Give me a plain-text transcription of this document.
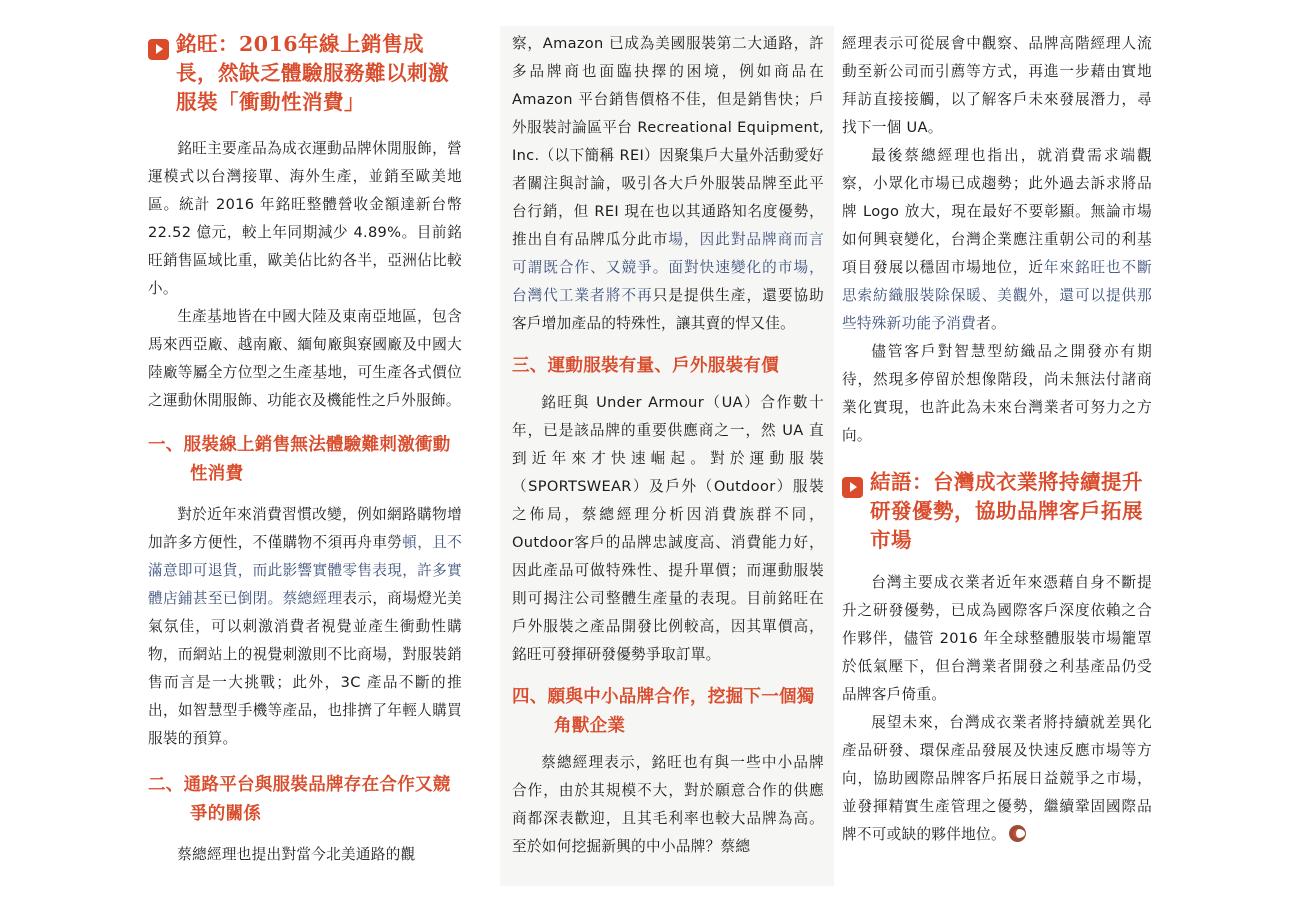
銘旺：2016年線上銷售成長，然缺乏體驗服務難以刺激服裝「衝動性消費」

銘旺主要產品為成衣運動品牌休閒服飾，營運模式以台灣接單、海外生產，並銷至歐美地區。統計 2016 年銘旺整體營收金額達新台幣 22.52 億元，較上年同期減少 4.89%。目前銘旺銷售區域比重，歐美佔比約各半，亞洲佔比較小。

生產基地皆在中國大陸及東南亞地區，包含馬來西亞廠、越南廠、緬甸廠與寮國廠及中國大陸廠等屬全方位型之生產基地，可生產各式價位之運動休閒服飾、功能衣及機能性之戶外服飾。

一、服裝線上銷售無法體驗難刺激衝動性消費

對於近年來消費習慣改變，例如網路購物增加許多方便性，不僅購物不須再舟車勞頓，且不滿意即可退貨，而此影響實體零售表現，許多實體店鋪甚至已倒閉。蔡總經理表示，商場燈光美氣氛佳，可以刺激消費者視覺並產生衝動性購物，而網站上的視覺刺激則不比商場，對服裝銷售而言是一大挑戰；此外，3C 產品不斷的推出，如智慧型手機等產品，也排擠了年輕人購買服裝的預算。

二、通路平台與服裝品牌存在合作又競爭的關係

蔡總經理也提出對當今北美通路的觀

察，Amazon 已成為美國服裝第二大通路，許多品牌商也面臨抉擇的困境，例如商品在 Amazon 平台銷售價格不佳，但是銷售快；戶外服裝討論區平台 Recreational Equipment, Inc.（以下簡稱 REI）因聚集戶大量外活動愛好者關注與討論，吸引各大戶外服裝品牌至此平台行銷，但 REI 現在也以其通路知名度優勢，推出自有品牌瓜分此市場，因此對品牌商而言可謂既合作、又競爭。面對快速變化的市場，台灣代工業者將不再只是提供生產，還要協助客戶增加產品的特殊性，讓其賣的悍又佳。

三、運動服裝有量、戶外服裝有價

銘旺與 Under Armour（UA）合作數十年，已是該品牌的重要供應商之一，然 UA 直到近年來才快速崛起。對於運動服裝（SPORTSWEAR）及戶外（Outdoor）服裝之佈局，蔡總經理分析因消費族群不同，Outdoor客戶的品牌忠誠度高、消費能力好，因此產品可做特殊性、提升單價；而運動服裝則可揭注公司整體生產量的表現。目前銘旺在戶外服裝之產品開發比例較高，因其單價高，銘旺可發揮研發優勢爭取訂單。

四、願與中小品牌合作，挖掘下一個獨角獸企業

蔡總經理表示，銘旺也有與一些中小品牌合作，由於其規模不大，對於願意合作的供應商都深表歡迎，且其毛利率也較大品牌為高。至於如何挖掘新興的中小品牌？蔡總

經理表示可從展會中觀察、品牌高階經理人流動至新公司而引薦等方式，再進一步藉由實地拜訪直接接觸，以了解客戶未來發展潛力，尋找下一個 UA。

最後蔡總經理也指出，就消費需求端觀察，小眾化市場已成趨勢；此外過去訴求將品牌 Logo 放大，現在最好不要彰顯。無論市場如何興衰變化，台灣企業應注重朝公司的利基項目發展以穩固市場地位，近年來銘旺也不斷思索紡織服裝除保暖、美觀外，還可以提供那些特殊新功能予消費者。

儘管客戶對智慧型紡織品之開發亦有期待，然現多停留於想像階段，尚未無法付諸商業化實現，也許此為未來台灣業者可努力之方向。

結語：台灣成衣業將持續提升研發優勢，協助品牌客戶拓展市場

台灣主要成衣業者近年來憑藉自身不斷提升之研發優勢，已成為國際客戶深度依賴之合作夥伴，儘管 2016 年全球整體服裝市場籠罩於低氣壓下，但台灣業者開發之利基產品仍受品牌客戶倚重。

展望未來，台灣成衣業者將持續就差異化產品研發、環保產品發展及快速反應市場等方向，協助國際品牌客戶拓展日益競爭之市場，並發揮精實生產管理之優勢，繼續鞏固國際品牌不可或缺的夥伴地位。
